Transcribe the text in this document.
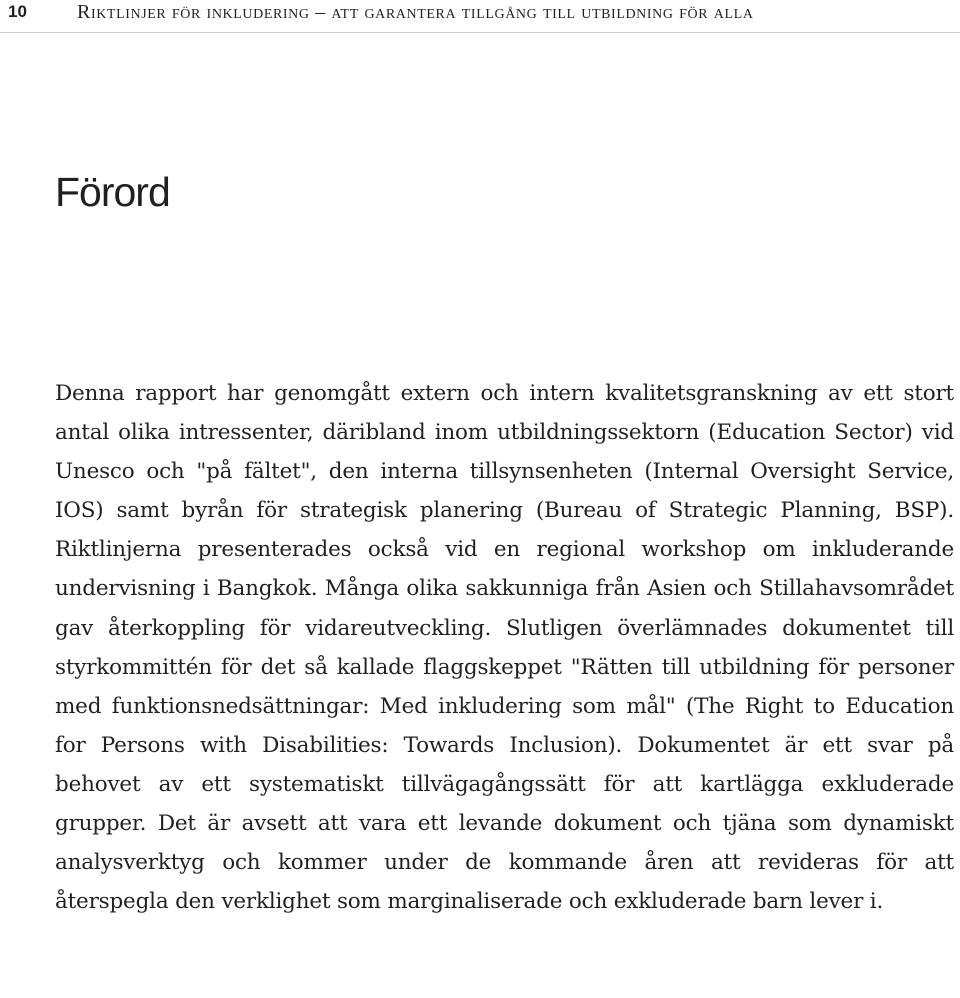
10	Riktlinjer för inkludering – att garantera tillgång till utbildning för alla
Förord

Denna rapport har genomgått extern och intern kvalitetsgranskning av ett stort antal olika intressenter, däribland inom utbildningssektorn (Education Sector) vid Unesco och "på fältet", den interna tillsynsenheten (Internal Oversight Service, IOS) samt byrån för strategisk planering (Bureau of Strategic Planning, BSP). Riktlinjerna presenterades också vid en regional workshop om inkluderande undervisning i Bangkok. Många olika sakkunniga från Asien och Stillahavsområdet gav återkoppling för vidareutveckling. Slutligen överlämnades dokumentet till styrkommittén för det så kallade flaggskeppet "Rätten till utbildning för personer med funktionsnedsättningar: Med inkludering som mål" (The Right to Education for Persons with Disabilities: Towards Inclusion). Dokumentet är ett svar på behovet av ett systematiskt tillvägagångssätt för att kartlägga exkluderade grupper. Det är avsett att vara ett levande dokument och tjäna som dynamiskt analysverktyg och kommer under de kommande åren att revideras för att återspegla den verklighet som marginaliserade och exkluderade barn lever i.
